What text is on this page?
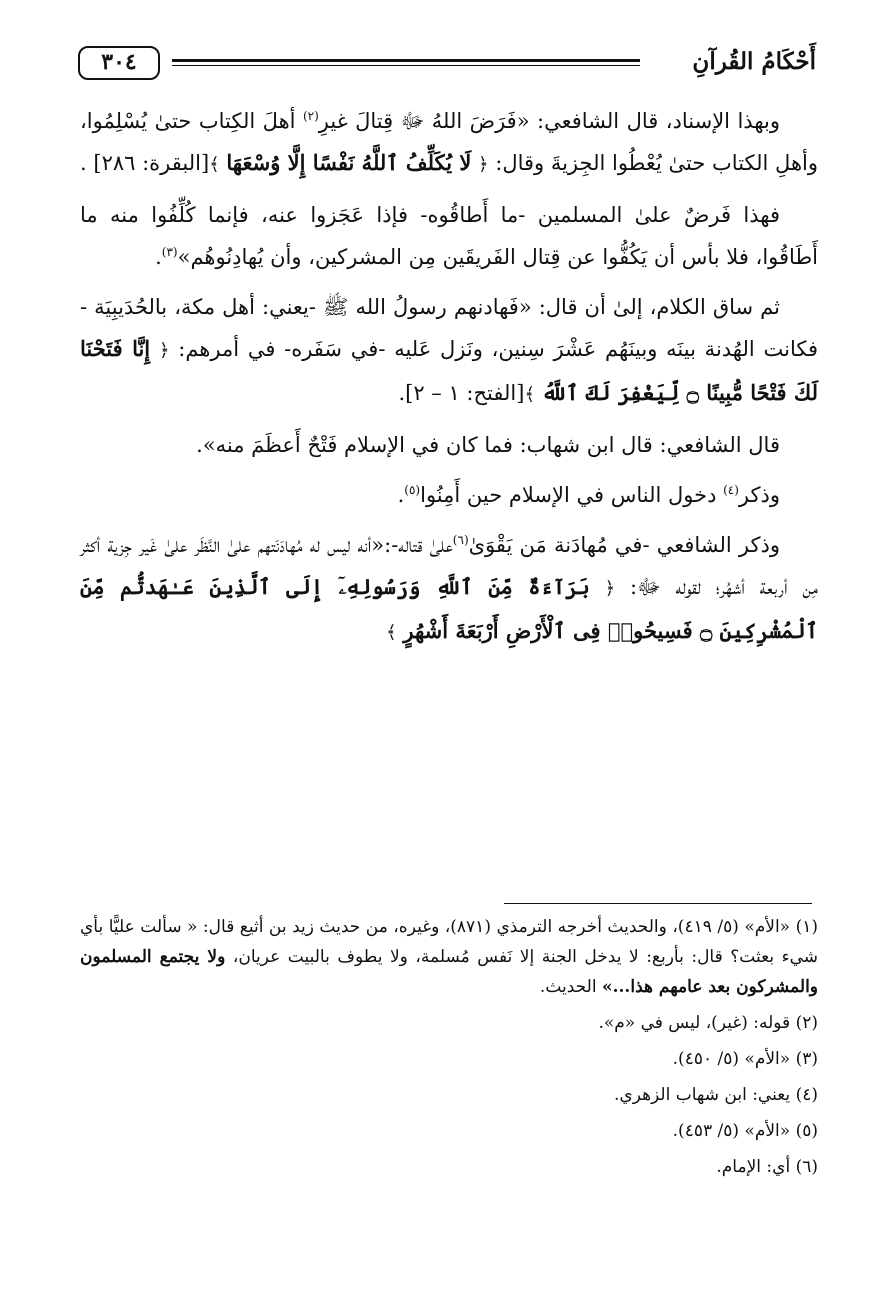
٣٠٤	أَحْكَامُ القُرآنِ

وبهذا الإسناد، قال الشافعي: «فَرَضَ اللهُ ﷻ قِتالَ غيرِ$^{(٢)}$ أهلَ الكِتاب حتىٰ يُسْلِمُوا، وأهلِ الكتاب حتىٰ يُعْطُوا الجِزيةَ وقال: ﴿ لَا يُكَلِّفُ ٱللَّهُ نَفْسًا إِلَّا وُسْعَهَا ﴾[البقرة: ٢٨٦] .

فهذا فَرضٌ علىٰ المسلمين -ما أَطاقُوه- فإذا عَجَزوا عنه، فإنما كُلِّفُوا منه ما أَطَاقُوا، فلا بأس أن يَكُفُّوا عن قِتال الفَريقَين مِن المشركين، وأن يُهادِنُوهُم»$^{(٣)}$.

ثم ساق الكلام، إلىٰ أن قال: «فَهادنهم رسولُ الله ﷺ -يعني: أهل مكة، بالحُدَيبِيَة - فكانت الهُدنة بينَه وبينَهُم عَشْرَ سِنين، ونَزل عَليه -في سَفَره- في أمرهم: ﴿ إِنَّا فَتَحْنَا لَكَ فَتْحًا مُّبِينًا ۝ لِّيَغْفِرَ لَكَ ٱللَّهُ ﴾[الفتح: ١ – ٢].

قال الشافعي: قال ابن شهاب: فما كان في الإسلام فَتْحٌ أَعظَمَ منه».

وذكر$^{(٤)}$ دخول الناس في الإسلام حين أَمِنُوا$^{(٥)}$.

وذكر الشافعي -في مُهادَنة مَن يَقْوَىٰ$^{(٦)}$علىٰ قتاله-:«أنه ليس له مُهادَنَتهم علىٰ النَّظَر علىٰ غَير جِزية أكثر مِن أربعة أشهُر؛ لقوله ﷻ: ﴿ بَرَآءَةٌ مِّنَ ٱللَّهِ وَرَسُولِهِۦٓ إِلَى ٱلَّذِينَ عَـٰهَدتُّم مِّنَ ٱلْمُشْرِكِينَ ۝ فَسِيحُوا۟ فِى ٱلْأَرْضِ أَرْبَعَةَ أَشْهُرٍ ﴾

(١) «الأم» (٥/ ٤١٩)، والحديث أخرجه الترمذي (٨٧١)، وغيره، من حديث زيد بن أثيع قال: « سألت عليًّا بأي شيء بعثت؟ قال: بأربع: لا يدخل الجنة إلا نَفس مُسلمة، ولا يطوف بالبيت عريان، ولا يجتمع المسلمون والمشركون بعد عامهم هذا...» الحديث.

(٢) قوله: (غير)، ليس في «م».

(٣) «الأم» (٥/ ٤٥٠).

(٤) يعني: ابن شهاب الزهري.

(٥) «الأم» (٥/ ٤٥٣).

(٦) أي: الإمام.
